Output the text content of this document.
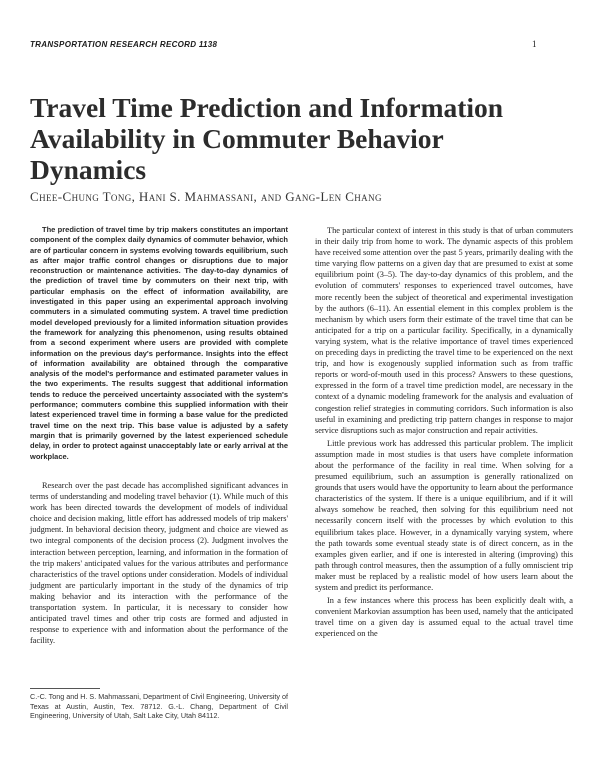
TRANSPORTATION RESEARCH RECORD 1138	1
Travel Time Prediction and Information Availability in Commuter Behavior Dynamics
Chee-Chung Tong, Hani S. Mahmassani, and Gang-Len Chang

The prediction of travel time by trip makers constitutes an important component of the complex daily dynamics of commuter behavior, which are of particular concern in systems evolving towards equilibrium, such as after major traffic control changes or disruptions due to major reconstruction or maintenance activities. The day-to-day dynamics of the prediction of travel time by commuters on their next trip, with particular emphasis on the effect of information availability, are investigated in this paper using an experimental approach involving commuters in a simulated commuting system. A travel time prediction model developed previously for a limited information situation provides the framework for analyzing this phenomenon, using results obtained from a second experiment where users are provided with complete information on the previous day's performance. Insights into the effect of information availability are obtained through the comparative analysis of the model's performance and estimated parameter values in the two experiments. The results suggest that additional information tends to reduce the perceived uncertainty associated with the system's performance; commuters combine this supplied information with their latest experienced travel time in forming a base value for the predicted travel time on the next trip. This base value is adjusted by a safety margin that is primarily governed by the latest experienced schedule delay, in order to protect against unacceptably late or early arrival at the workplace.

Research over the past decade has accomplished significant advances in terms of understanding and modeling travel behavior (1). While much of this work has been directed towards the development of models of individual choice and decision making, little effort has addressed models of trip makers' judgment. In behavioral decision theory, judgment and choice are viewed as two integral components of the decision process (2). Judgment involves the interaction between perception, learning, and information in the formation of the trip makers' anticipated values for the various attributes and performance characteristics of the travel options under consideration. Models of individual judgment are particularly important in the study of the dynamics of trip making behavior and its interaction with the performance of the transportation system. In particular, it is necessary to consider how anticipated travel times and other trip costs are formed and adjusted in response to experience with and information about the performance of the facility.

C.-C. Tong and H. S. Mahmassani, Department of Civil Engineering, University of Texas at Austin, Austin, Tex. 78712. G.-L. Chang, Department of Civil Engineering, University of Utah, Salt Lake City, Utah 84112.

The particular context of interest in this study is that of urban commuters in their daily trip from home to work. The dynamic aspects of this problem have received some attention over the past 5 years, primarily dealing with the time varying flow patterns on a given day that are presumed to exist at some equilibrium point (3–5). The day-to-day dynamics of this problem, and the evolution of commuters' responses to experienced travel outcomes, have more recently been the subject of theoretical and experimental investigation by the authors (6–11). An essential element in this complex problem is the mechanism by which users form their estimate of the travel time that can be anticipated for a trip on a particular facility. Specifically, in a dynamically varying system, what is the relative importance of travel times experienced on preceding days in predicting the travel time to be experienced on the next trip, and how is exogenously supplied information such as from traffic reports or word-of-mouth used in this process? Answers to these questions, expressed in the form of a travel time prediction model, are necessary in the context of a dynamic modeling framework for the analysis and evaluation of congestion relief strategies in commuting corridors. Such information is also useful in examining and predicting trip pattern changes in response to major service disruptions such as major construction and repair activities.

Little previous work has addressed this particular problem. The implicit assumption made in most studies is that users have complete information about the performance of the facility in real time. When solving for a presumed equilibrium, such an assumption is generally rationalized on grounds that users would have the opportunity to learn about the performance characteristics of the system. If there is a unique equilibrium, and if it will always somehow be reached, then solving for this equilibrium need not necessarily concern itself with the processes by which evolution to this equilibrium takes place. However, in a dynamically varying system, where the path towards some eventual steady state is of direct concern, as in the examples given earlier, and if one is interested in altering (improving) this path through control measures, then the assumption of a fully omniscient trip maker must be replaced by a realistic model of how users learn about the system and predict its performance.

In a few instances where this process has been explicitly dealt with, a convenient Markovian assumption has been used, namely that the anticipated travel time on a given day is assumed equal to the actual travel time experienced on the
